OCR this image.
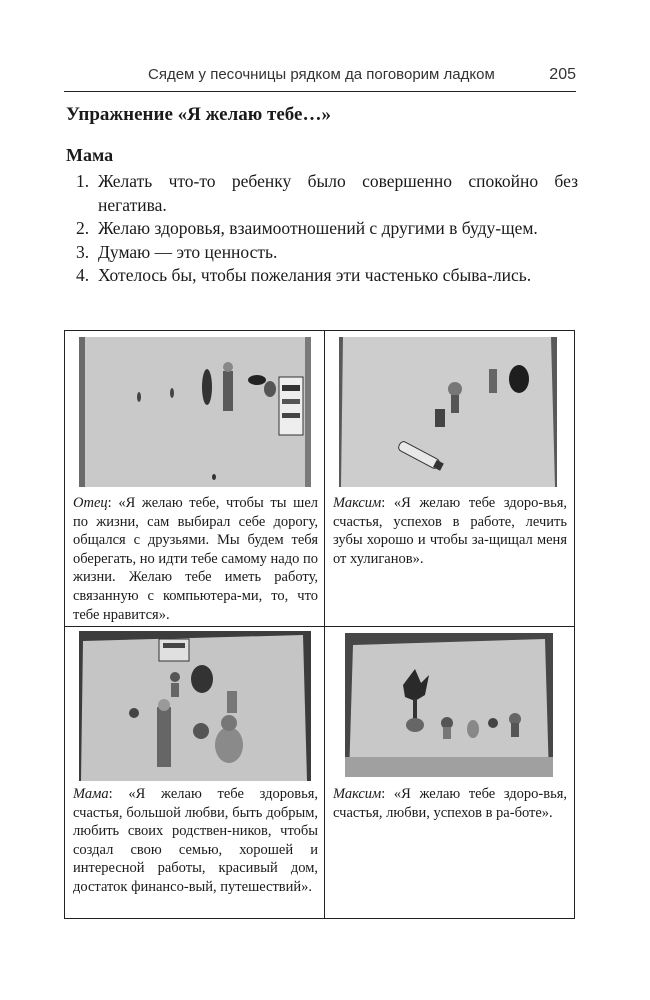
Сядем у песочницы рядком да поговорим ладком	205
Упражнение «Я желаю тебе…»
Мама
1. Желать что-то ребенку было совершенно спокойно без негатива.
2. Желаю здоровья, взаимоотношений с другими в буду-щем.
3. Думаю — это ценность.
4. Хотелось бы, чтобы пожелания эти частенько сбыва-лись.

Отец: «Я желаю тебе, чтобы ты шел по жизни, сам выбирал себе дорогу, общался с друзьями. Мы будем тебя оберегать, но идти тебе самому надо по жизни. Желаю тебе иметь работу, связанную с компьютера-ми, то, что тебе нравится».

Максим: «Я желаю тебе здоро-вья, счастья, успехов в работе, лечить зубы хорошо и чтобы за-щищал меня от хулиганов».

Мама: «Я желаю тебе здоровья, счастья, большой любви, быть добрым, любить своих родствен-ников, чтобы создал свою семью, хорошей и интересной работы, красивый дом, достаток финансо-вый, путешествий».

Максим: «Я желаю тебе здоро-вья, счастья, любви, успехов в ра-боте».
